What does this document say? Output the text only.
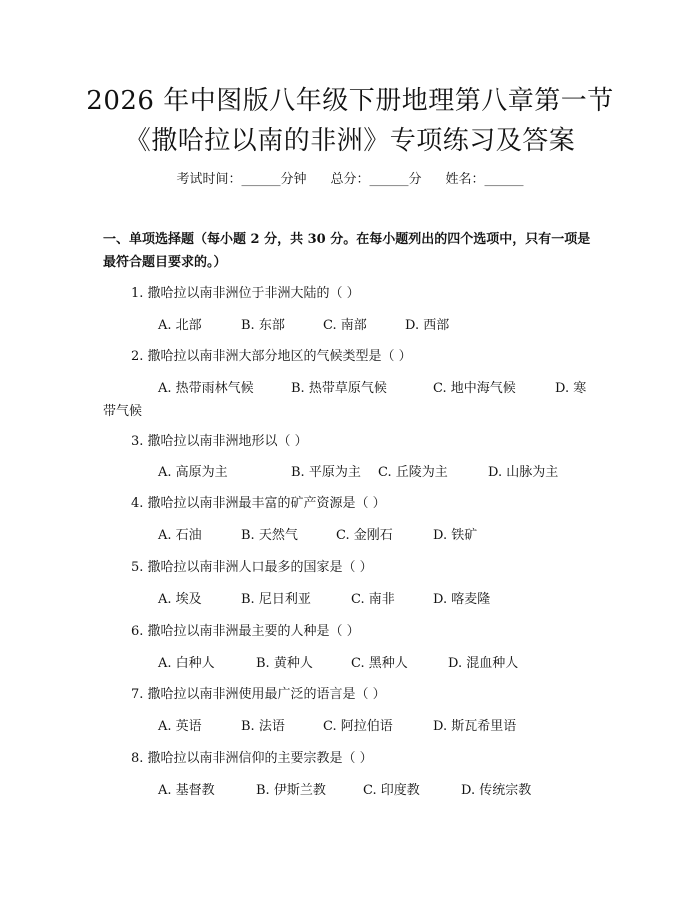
2026 年中图版八年级下册地理第八章第一节
《撒哈拉以南的非洲》专项练习及答案
考试时间：______分钟 总分：______分 姓名：______
一、单项选择题（每小题 2 分，共 30 分。在每小题列出的四个选项中，只有一项是最符合题目要求的。）
1. 撒哈拉以南非洲位于非洲大陆的（ ）
A. 北部	B. 东部	C. 南部	D. 西部
2. 撒哈拉以南非洲大部分地区的气候类型是（ ）
A. 热带雨林气候	B. 热带草原气候	C. 地中海气候	D. 寒
带气候
3. 撒哈拉以南非洲地形以（ ）
A. 高原为主	B. 平原为主 C. 丘陵为主	D. 山脉为主
4. 撒哈拉以南非洲最丰富的矿产资源是（ ）
A. 石油	B. 天然气	C. 金刚石	D. 铁矿
5. 撒哈拉以南非洲人口最多的国家是（ ）
A. 埃及	B. 尼日利亚	C. 南非	D. 喀麦隆
6. 撒哈拉以南非洲最主要的人种是（ ）
A. 白种人	B. 黄种人	C. 黑种人	D. 混血种人
7. 撒哈拉以南非洲使用最广泛的语言是（ ）
A. 英语	B. 法语	C. 阿拉伯语	D. 斯瓦希里语
8. 撒哈拉以南非洲信仰的主要宗教是（ ）
A. 基督教	B. 伊斯兰教	C. 印度教	D. 传统宗教
